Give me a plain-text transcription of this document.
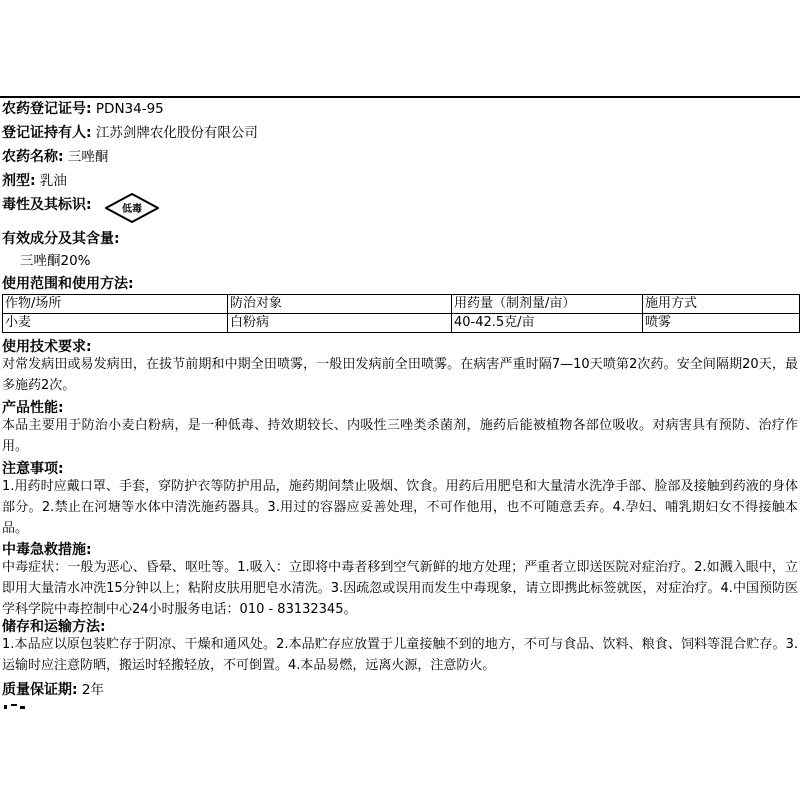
农药登记证号: PDN34-95
登记证持有人: 江苏剑牌农化股份有限公司
农药名称: 三唑酮
剂型: 乳油
毒性及其标识:	低毒
有效成分及其含量:
三唑酮20%
使用范围和使用方法:
作物/场所	防治对象	用药量（制剂量/亩）	施用方式
小麦	白粉病	40-42.5克/亩	喷雾
使用技术要求:
对常发病田或易发病田，在拔节前期和中期全田喷雾，一般田发病前全田喷雾。在病害严重时隔7—10天喷第2次药。安全间隔期20天，最多施药2次。
产品性能:
本品主要用于防治小麦白粉病，是一种低毒、持效期较长、内吸性三唑类杀菌剂，施药后能被植物各部位吸收。对病害具有预防、治疗作用。
注意事项:
1.用药时应戴口罩、手套，穿防护衣等防护用品，施药期间禁止吸烟、饮食。用药后用肥皂和大量清水洗净手部、脸部及接触到药液的身体部分。2.禁止在河塘等水体中清洗施药器具。3.用过的容器应妥善处理，不可作他用，也不可随意丢弃。4.孕妇、哺乳期妇女不得接触本品。
中毒急救措施:
中毒症状：一般为恶心、昏晕、呕吐等。1.吸入：立即将中毒者移到空气新鲜的地方处理；严重者立即送医院对症治疗。2.如溅入眼中，立即用大量清水冲洗15分钟以上；粘附皮肤用肥皂水清洗。3.因疏忽或误用而发生中毒现象，请立即携此标签就医，对症治疗。4.中国预防医学科学院中毒控制中心24小时服务电话：010 - 83132345。
储存和运输方法:
1.本品应以原包装贮存于阴凉、干燥和通风处。2.本品贮存应放置于儿童接触不到的地方，不可与食品、饮料、粮食、饲料等混合贮存。3.运输时应注意防晒，搬运时轻搬轻放，不可倒置。4.本品易燃，远离火源，注意防火。
质量保证期: 2年
